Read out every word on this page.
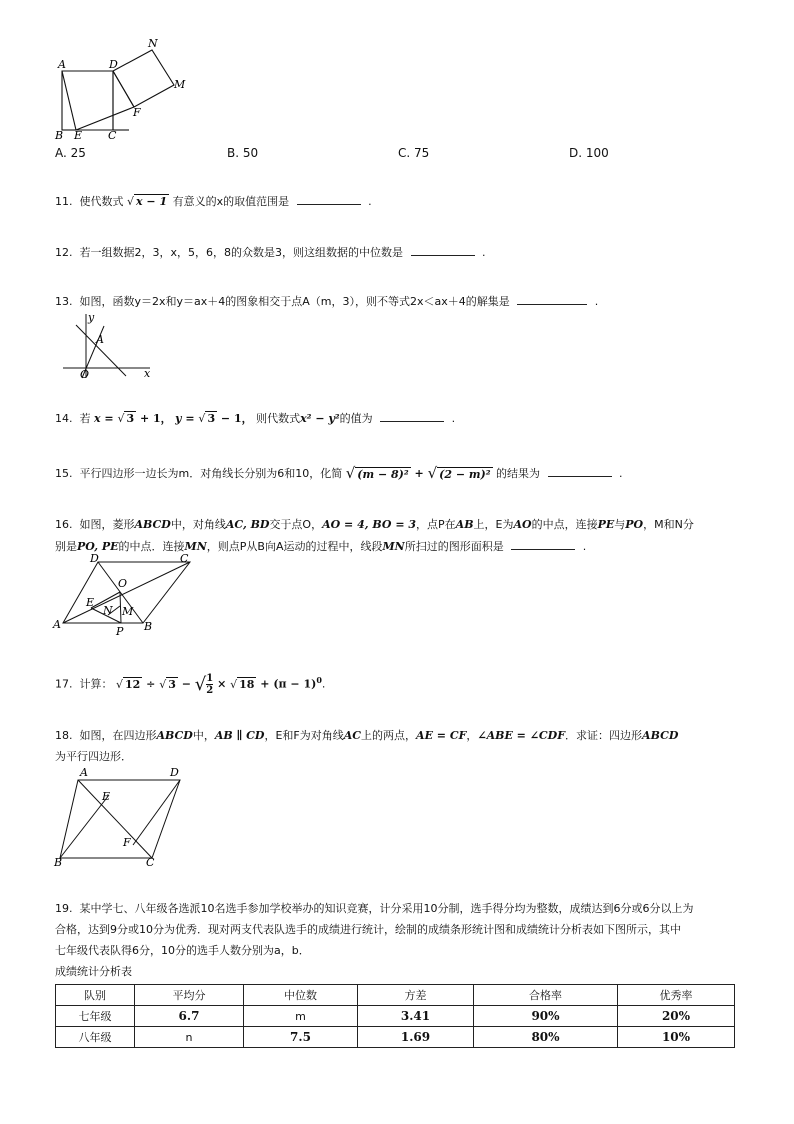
A	D
N
M
F
B E C
A. 25	B. 50	C. 75	D. 100
11. 使代数式 √ x − 1 有意义的x的取值范围是	.
12. 若一组数据2，3，x，5，6，8的众数是3，则这组数据的中位数是	.
13. 如图，函数y＝2x和y＝ax＋4的图象相交于点A（m，3），则不等式2x＜ax＋4的解集是	.
y
A
O	x
14. 若 x = √ 3 + 1， y = √ 3 − 1， 则代数式x² − y²的值为	.
15. 平行四边形一边长为m．对角线长分别为6和10，化简 √ (m − 8)² + √ (2 − m)² 的结果为	.
16. 如图，菱形ABCD中，对角线AC, BD交于点O，AO = 4, BO = 3，点P在AB上，E为AO的中点，连接PE与PO，M和N分
别是PO, PE的中点．连接MN，则点P从B向A运动的过程中，线段MN所扫过的图形面积是	.
D	C
O
E
N M
A
P B
17. 计算： √ 12 ÷ √ 3 − √ $\frac{1}{2}$ × √ $18 + (\pi - 1)^0$.
18. 如图，在四边形ABCD中，AB ∥ CD，E和F为对角线AC上的两点，AE = CF，∠ABE = ∠CDF．求证：四边形ABCD
为平行四边形．
A	D
E
F
B	C
19. 某中学七、八年级各选派10名选手参加学校举办的知识竞赛，计分采用10分制，选手得分均为整数，成绩达到6分或6分以上为
合格，达到9分或10分为优秀．现对两支代表队选手的成绩进行统计，绘制的成绩条形统计图和成绩统计分析表如下图所示，其中
七年级代表队得6分，10分的选手人数分别为a，b．
成绩统计分析表
队别	平均分	中位数	方差	合格率	优秀率
七年级	6.7	m	3.41	90%	20%
八年级	n	7.5	1.69	80%	10%
